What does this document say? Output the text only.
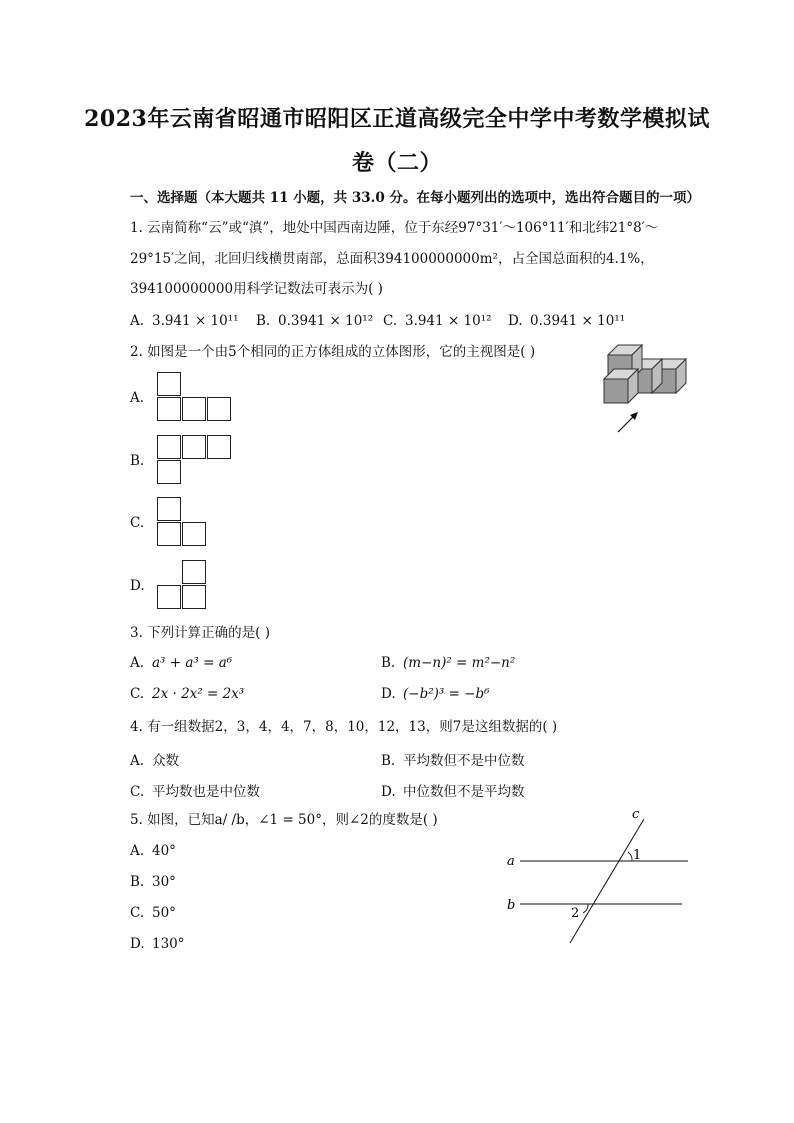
2023年云南省昭通市昭阳区正道高级完全中学中考数学模拟试
卷（二）
一、选择题（本大题共 11 小题，共 33.0 分。在每小题列出的选项中，选出符合题目的一项）
1. 云南简称“云”或“滇”，地处中国西南边陲，位于东经97°31′～106°11′和北纬21°8′～
29°15′之间，北回归线横贯南部，总面积394100000000m²，占全国总面积的4.1%，
394100000000用科学记数法可表示为( )
A. 3.941 × 10¹¹ B. 0.3941 × 10¹² C. 3.941 × 10¹² D. 0.3941 × 10¹¹
2. 如图是一个由5个相同的正方体组成的立体图形，它的主视图是( )
A.
B.
C.
D.
3. 下列计算正确的是( )
A. a³ + a³ = a⁶	B. (m−n)² = m²−n²
C. 2x · 2x² = 2x³	D. (−b²)³ = −b⁶
4. 有一组数据2，3，4，4，7，8，10，12，13，则7是这组数据的( )
A. 众数	B. 平均数但不是中位数
C. 平均数也是中位数	D. 中位数但不是平均数
5. 如图，已知a/ /b，∠1 = 50°，则∠2的度数是( )
A. 40°
B. 30°
C. 50°
D. 130°
c
a
b
1
2
